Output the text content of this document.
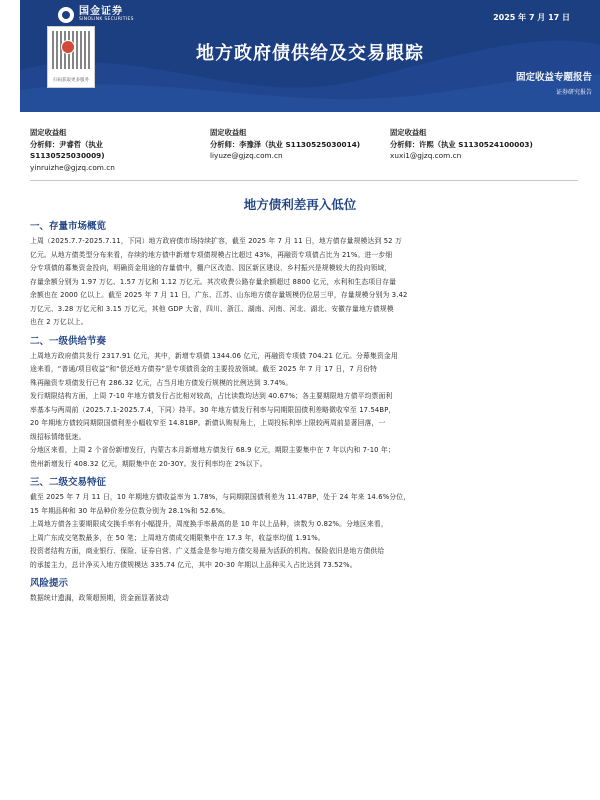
国金证券
SINOLINK SECURITIES	2025 年 7 月 17 日
扫码获取更多服务
地方政府债供给及交易跟踪
固定收益专题报告
证券研究报告
固定收益组
分析师：尹睿哲（执业
S1130525030009)
yinruizhe@gjzq.com.cn
固定收益组
分析师：李豫泽（执业 S1130525030014)
liyuze@gjzq.com.cn
固定收益组
分析师：许熙（执业 S1130524100003)
xuxi1@gjzq.com.cn
地方债利差再入低位
一、存量市场概览
上周（2025.7.7-2025.7.11，下同）地方政府债市场持续扩容，截至 2025 年 7 月 11 日，地方债存量规模达到 52 万
亿元。从地方债类型分布来看，存续的地方债中新增专项债规模占比超过 43%，再融资专项债占比为 21%。进一步细
分专项债的募集资金投向，明确资金用途的存量债中，棚户区改造、园区新区建设、乡村振兴是规模较大的投向领域，
存量余额分别为 1.97 万亿、1.57 万亿和 1.12 万亿元。其次收费公路存量余额超过 8800 亿元，水利和生态项目存量
余额也在 2000 亿以上。截至 2025 年 7 月 11 日，广东、江苏、山东地方债存量规模仍位居三甲，存量规模分别为 3.42
万亿元、3.28 万亿元和 3.15 万亿元，其他 GDP 大省，四川、浙江、湖南、河南、河北、湖北、安徽存量地方债规模
也在 2 万亿以上。
二、一级供给节奏
上周地方政府债共发行 2317.91 亿元，其中，新增专项债 1344.06 亿元，再融资专项债 704.21 亿元。分幕集资金用
途来看，“普通/项目收益”和“偿还地方债券”是专项债资金的主要投放领域。截至 2025 年 7 月 17 日，7 月份特
殊再融资专项债发行已有 286.32 亿元，占当月地方债发行规模的比例达到 3.74%。
发行期限结构方面，上周 7-10 年地方债发行占比相对较高，占比读数均达到 40.67%；各主要期限地方债平均票面利
率基本与两周前（2025.7.1-2025.7.4，下同）持平。30 年地方债发行利率与同期限国债利差略微收窄至 17.54BP，
20 年期地方债较同期限国债利差小幅收窄至 14.81BP。新债认购视角上，上周投标利率上限较两周前显著回落，一
级招标情绪低迷。
分地区来看，上周 2 个省份新增发行，内蒙古本月新增地方债发行 68.9 亿元，期限主要集中在 7 年以内和 7-10 年；
贵州新增发行 408.32 亿元，期限集中在 20-30Y。发行利率均在 2%以下。
三、二级交易特征
截至 2025 年 7 月 11 日，10 年期地方债收益率为 1.78%，与同期限国债利差为 11.47BP，处于 24 年来 14.6%分位，
15 年期品种和 30 年品种价差分位数分别为 28.1%和 52.6%。
上周地方债各主要期限成交换手率有小幅提升，周度换手率最高的是 10 年以上品种，读数为 0.82%。分地区来看，
上周广东成交笔数最多，在 50 笔；上周地方债成交期限集中在 17.3 年，收益率均值 1.91%。
投资者结构方面，商业银行、保险、证券自营、广义基金是参与地方债交易最为活跃的机构。保险依旧是地方债供给
的承接主力，总计净买入地方债规模达 335.74 亿元，其中 20-30 年期以上品种买入占比达到 73.52%。
风险提示
数据统计遗漏，政策超预期，资金面显著波动
